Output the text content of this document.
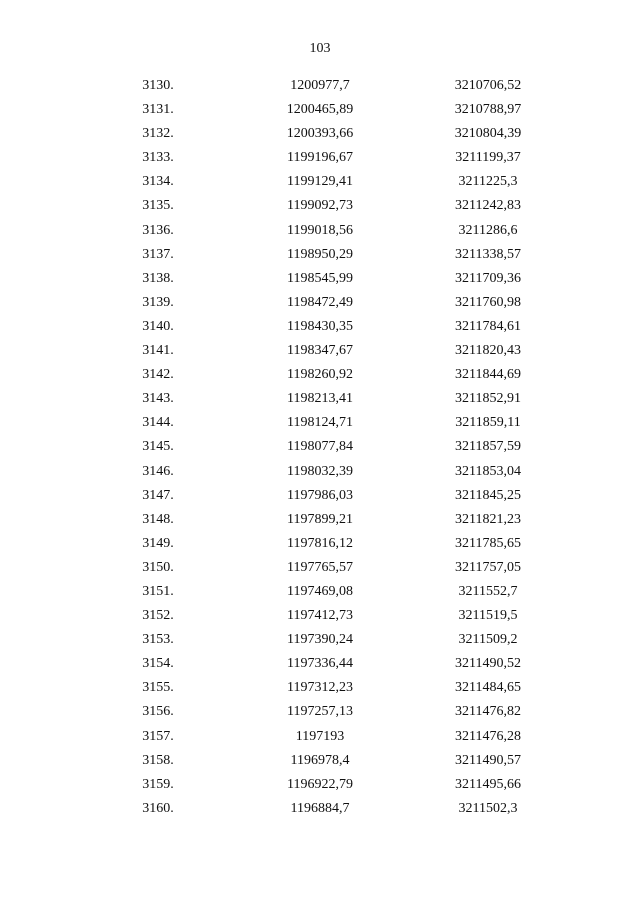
103
3130.	1200977,7	3210706,52
3131.	1200465,89	3210788,97
3132.	1200393,66	3210804,39
3133.	1199196,67	3211199,37
3134.	1199129,41	3211225,3
3135.	1199092,73	3211242,83
3136.	1199018,56	3211286,6
3137.	1198950,29	3211338,57
3138.	1198545,99	3211709,36
3139.	1198472,49	3211760,98
3140.	1198430,35	3211784,61
3141.	1198347,67	3211820,43
3142.	1198260,92	3211844,69
3143.	1198213,41	3211852,91
3144.	1198124,71	3211859,11
3145.	1198077,84	3211857,59
3146.	1198032,39	3211853,04
3147.	1197986,03	3211845,25
3148.	1197899,21	3211821,23
3149.	1197816,12	3211785,65
3150.	1197765,57	3211757,05
3151.	1197469,08	3211552,7
3152.	1197412,73	3211519,5
3153.	1197390,24	3211509,2
3154.	1197336,44	3211490,52
3155.	1197312,23	3211484,65
3156.	1197257,13	3211476,82
3157.	1197193	3211476,28
3158.	1196978,4	3211490,57
3159.	1196922,79	3211495,66
3160.	1196884,7	3211502,3
